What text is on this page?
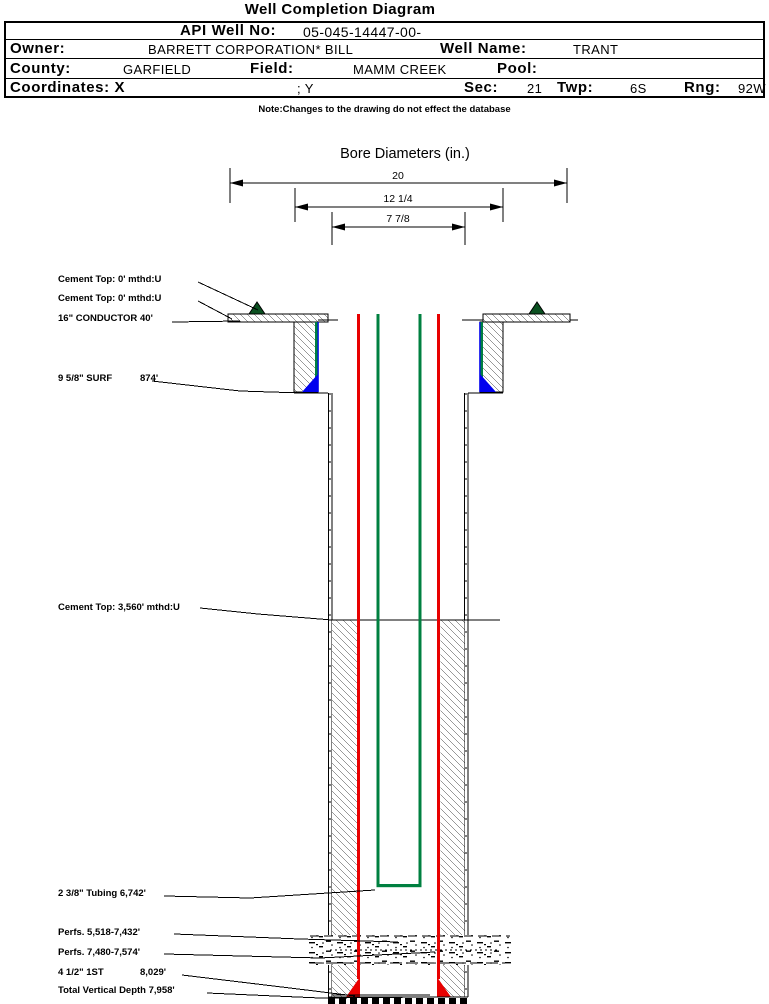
Well Completion Diagram
API Well No: 05-045-14447-00-
Owner:	BARRETT CORPORATION* BILL	Well Name:	TRANT
County:	GARFIELD	Field:	MAMM CREEK	Pool:
Coordinates: X	; Y	Sec: 21 Twp:	6S Rng: 92W
Note:Changes to the drawing do not effect the database
Bore Diameters (in.)
20
12 1/4
7 7/8
Cement Top: 0' mthd:U
Cement Top: 0' mthd:U
16" CONDUCTOR 40'
9 5/8" SURF	874'
Cement Top: 3,560' mthd:U
2 3/8" Tubing 6,742'
Perfs. 5,518-7,432'
Perfs. 7,480-7,574'
4 1/2" 1ST	8,029'
Total Vertical Depth 7,958'
